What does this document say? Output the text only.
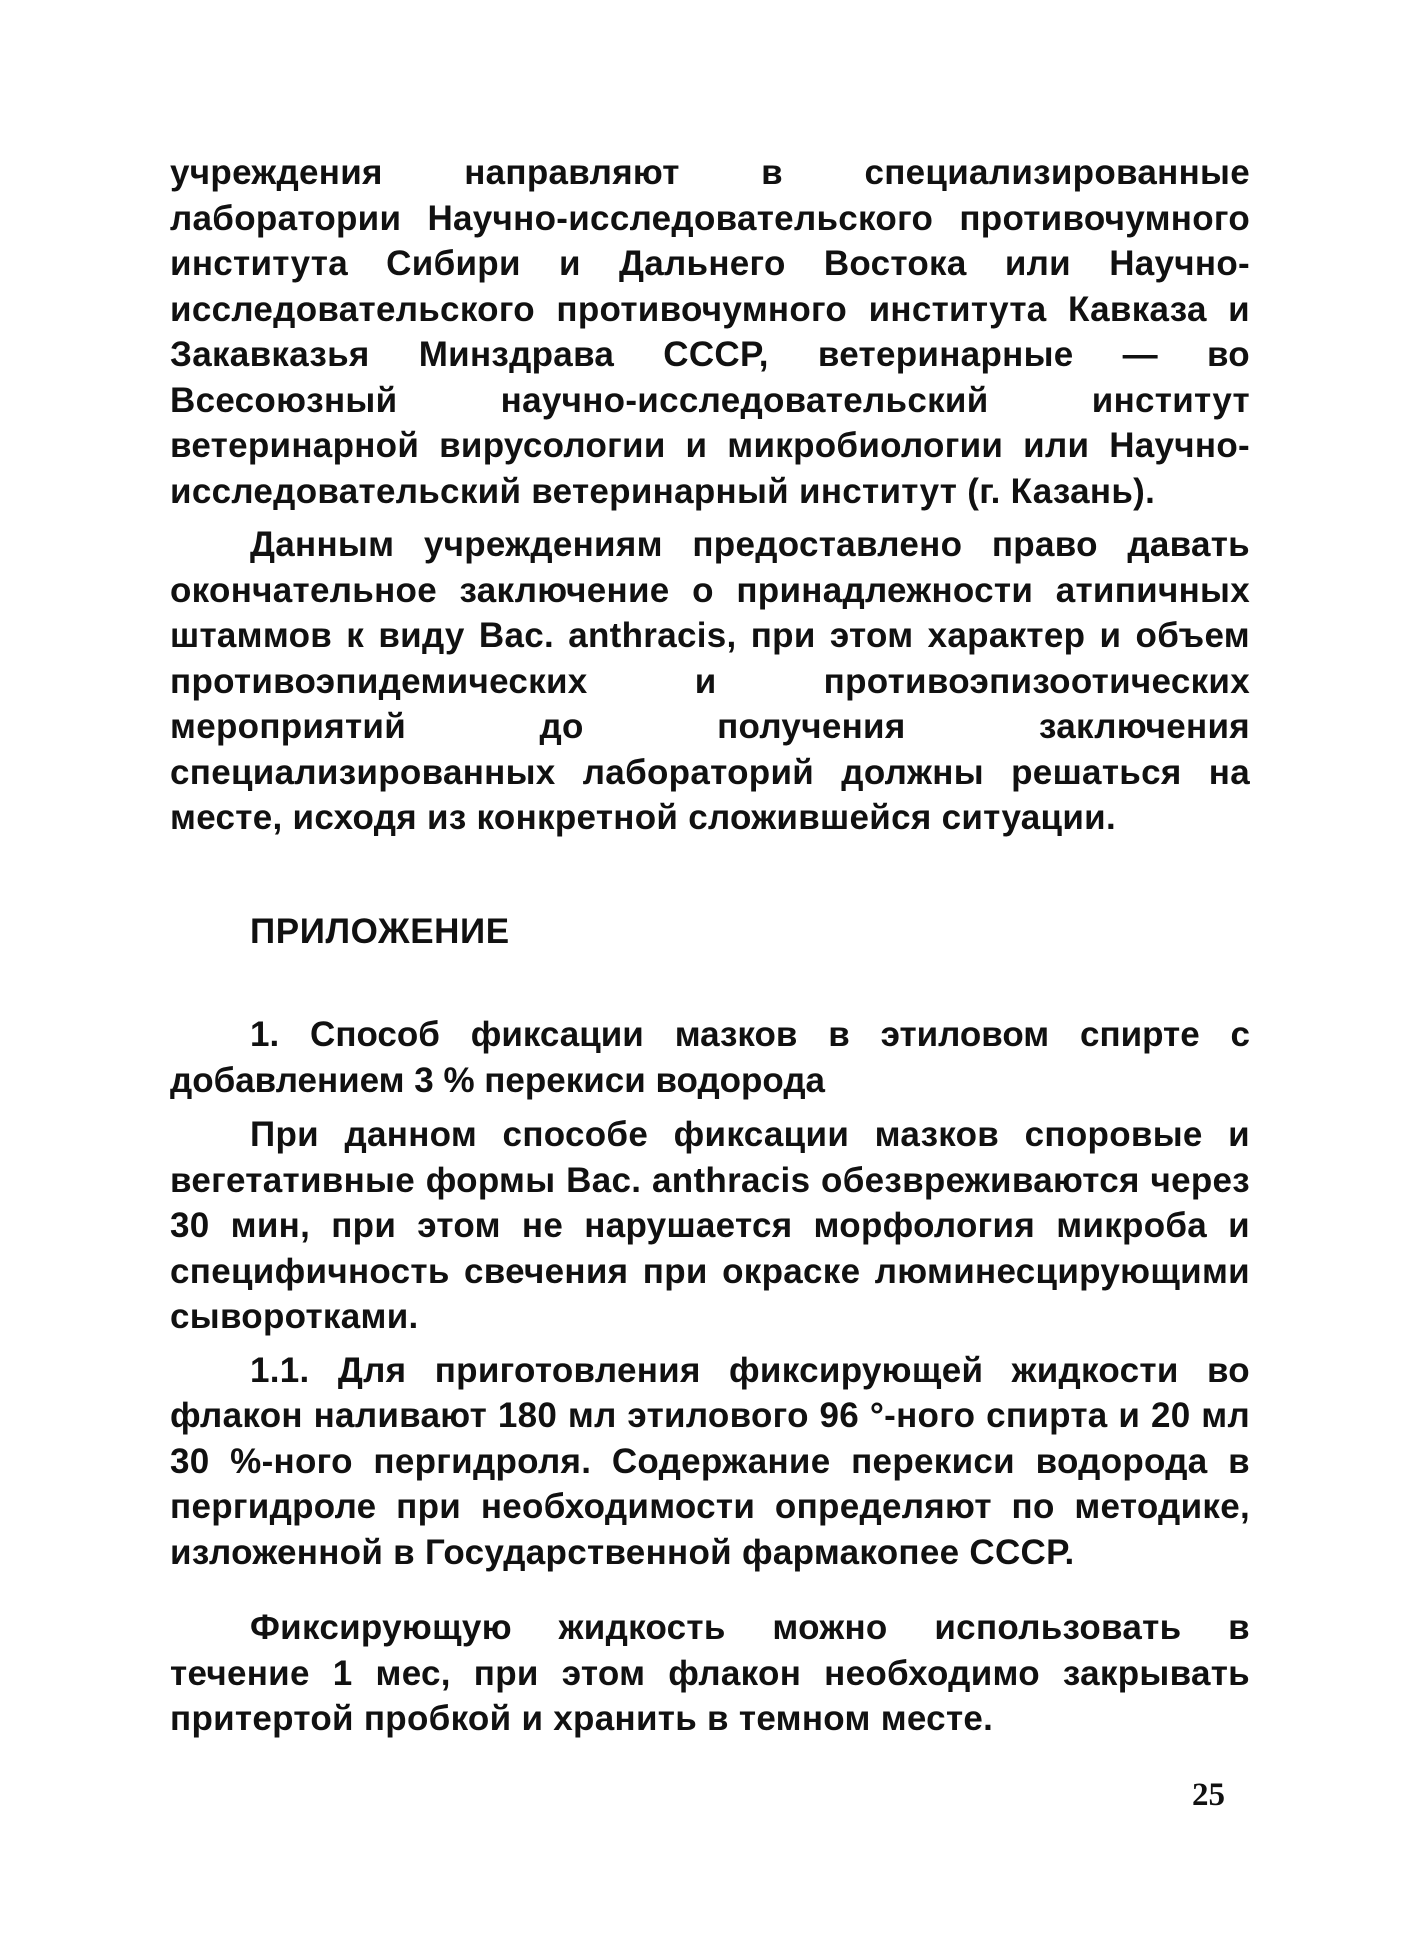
учреждения направляют в специализированные лаборатории Научно-исследовательского противочумного института Сибири и Дальнего Востока или Научно-исследовательского противочумного института Кавказа и Закавказья Минздрава СССР, ветеринарные — во Всесоюзный научно-исследовательский институт ветеринарной вирусологии и микробиологии или Научно-исследовательский ветеринарный институт (г. Казань).

Данным учреждениям предоставлено право давать окончательное заключение о принадлежности атипичных штаммов к виду Bac. anthracis, при этом характер и объем противоэпидемических и противоэпизоотических мероприятий до получения заключения специализированных лабораторий должны решаться на месте, исходя из конкретной сложившейся ситуации.

ПРИЛОЖЕНИЕ

1. Способ фиксации мазков в этиловом спирте с добавлением 3 % перекиси водорода

При данном способе фиксации мазков споровые и вегетативные формы Bac. anthracis обезвреживаются через 30 мин, при этом не нарушается морфология микроба и специфичность свечения при окраске люминесцирующими сыворотками.

1.1. Для приготовления фиксирующей жидкости во флакон наливают 180 мл этилового 96 °-ного спирта и 20 мл 30 %-ного пергидроля. Содержание перекиси водорода в пергидроле при необходимости определяют по методике, изложенной в Государственной фармакопее СССР.

Фиксирующую жидкость можно использовать в течение 1 мес, при этом флакон необходимо закрывать притертой пробкой и хранить в темном месте.

25
